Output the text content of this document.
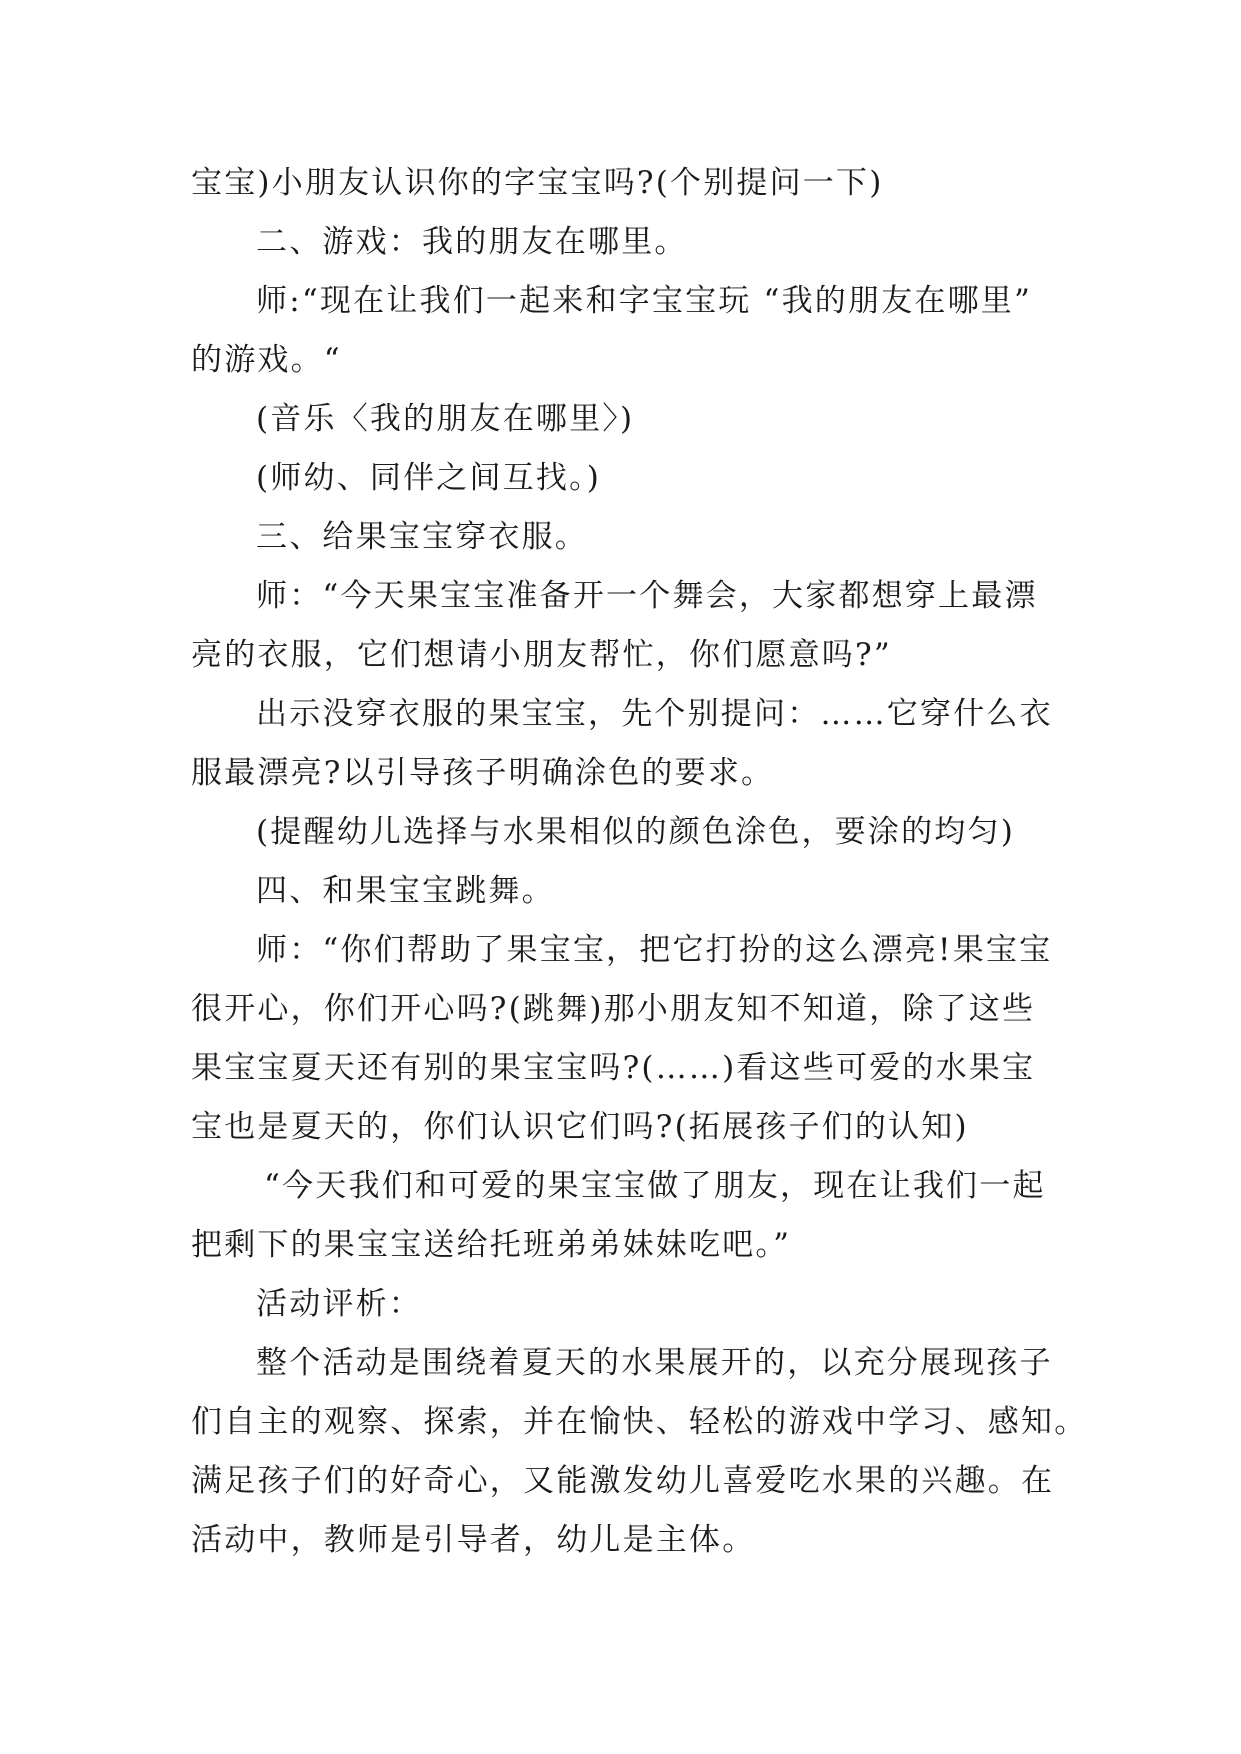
宝宝)小朋友认识你的字宝宝吗?(个别提问一下)
二、游戏：我的朋友在哪里。
师:“现在让我们一起来和字宝宝玩 “我的朋友在哪里”
的游戏。“
(音乐〈我的朋友在哪里〉)
(师幼、同伴之间互找。)
三、给果宝宝穿衣服。
师：“今天果宝宝准备开一个舞会，大家都想穿上最漂
亮的衣服，它们想请小朋友帮忙，你们愿意吗?”
出示没穿衣服的果宝宝，先个别提问：……它穿什么衣
服最漂亮?以引导孩子明确涂色的要求。
(提醒幼儿选择与水果相似的颜色涂色，要涂的均匀)
四、和果宝宝跳舞。
师：“你们帮助了果宝宝，把它打扮的这么漂亮!果宝宝
很开心，你们开心吗?(跳舞)那小朋友知不知道，除了这些
果宝宝夏天还有别的果宝宝吗?(……)看这些可爱的水果宝
宝也是夏天的，你们认识它们吗?(拓展孩子们的认知)
“今天我们和可爱的果宝宝做了朋友，现在让我们一起
把剩下的果宝宝送给托班弟弟妹妹吃吧。”
活动评析：
整个活动是围绕着夏天的水果展开的，以充分展现孩子
们自主的观察、探索，并在愉快、轻松的游戏中学习、感知。
满足孩子们的好奇心，又能激发幼儿喜爱吃水果的兴趣。在
活动中，教师是引导者，幼儿是主体。
